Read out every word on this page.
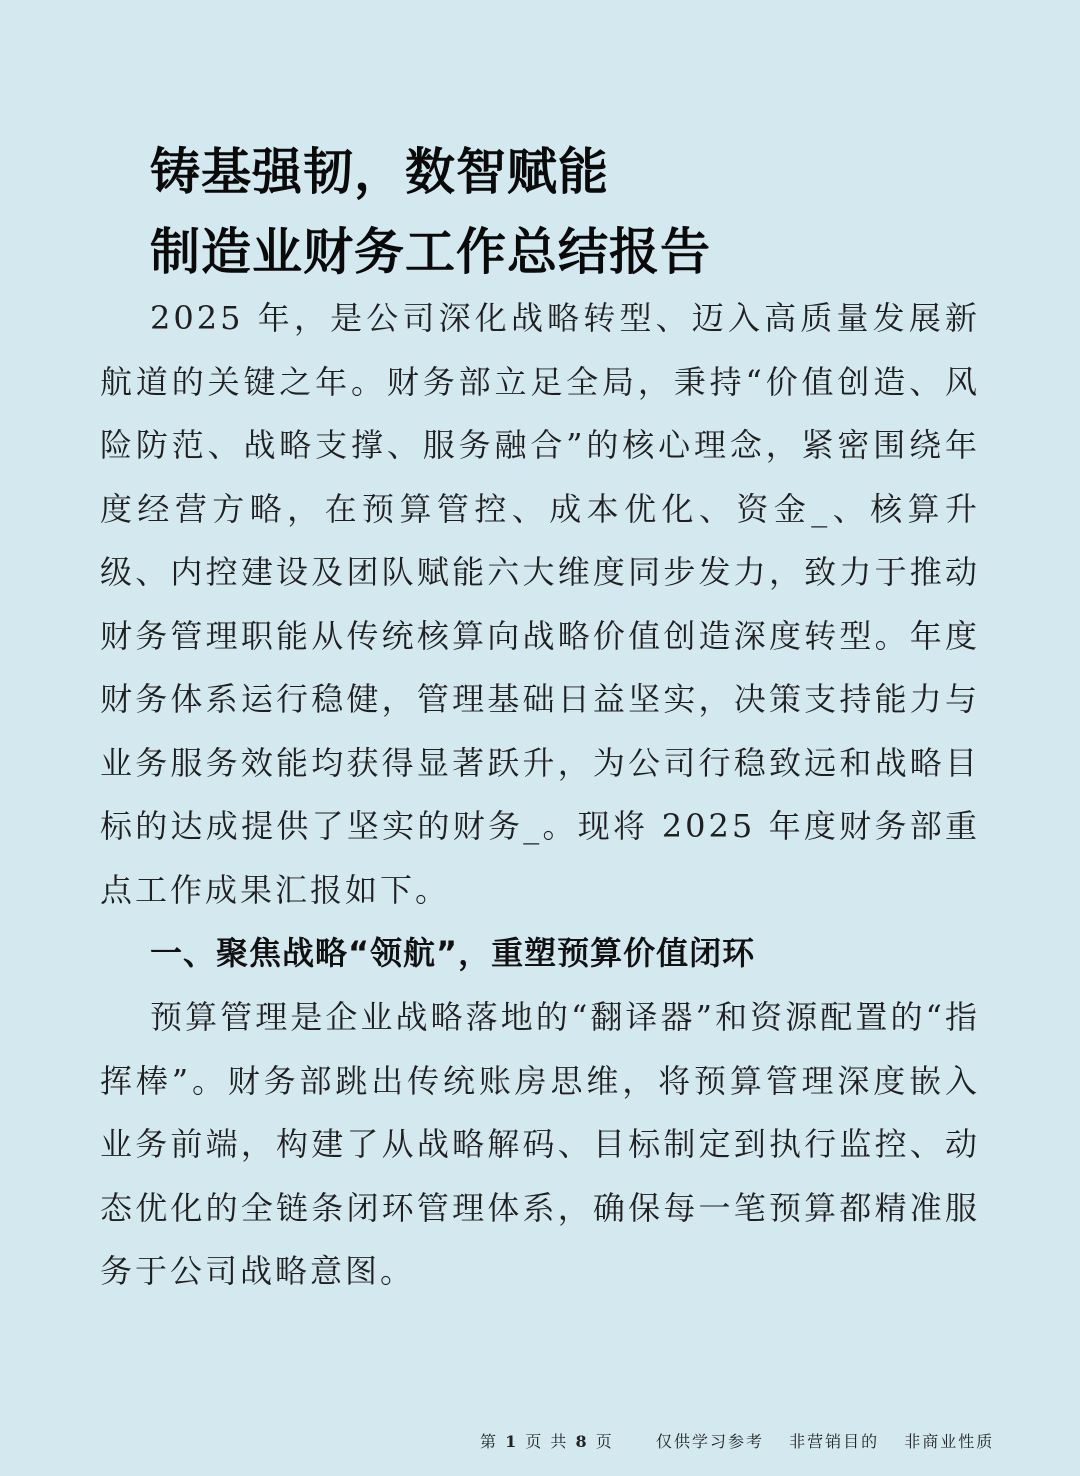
铸基强韧，数智赋能
制造业财务工作总结报告

2025 年，是公司深化战略转型、迈入高质量发展新航道的关键之年。财务部立足全局，秉持“价值创造、风险防范、战略支撑、服务融合”的核心理念，紧密围绕年度经营方略，在预算管控、成本优化、资金_、核算升级、内控建设及团队赋能六大维度同步发力，致力于推动财务管理职能从传统核算向战略价值创造深度转型。年度财务体系运行稳健，管理基础日益坚实，决策支持能力与业务服务效能均获得显著跃升，为公司行稳致远和战略目标的达成提供了坚实的财务_。现将 2025 年度财务部重点工作成果汇报如下。

一、聚焦战略“领航”，重塑预算价值闭环

预算管理是企业战略落地的“翻译器”和资源配置的“指挥棒”。财务部跳出传统账房思维，将预算管理深度嵌入业务前端，构建了从战略解码、目标制定到执行监控、动态优化的全链条闭环管理体系，确保每一笔预算都精准服务于公司战略意图。

第 1 页 共 8 页	仅供学习参考 非营销目的 非商业性质
